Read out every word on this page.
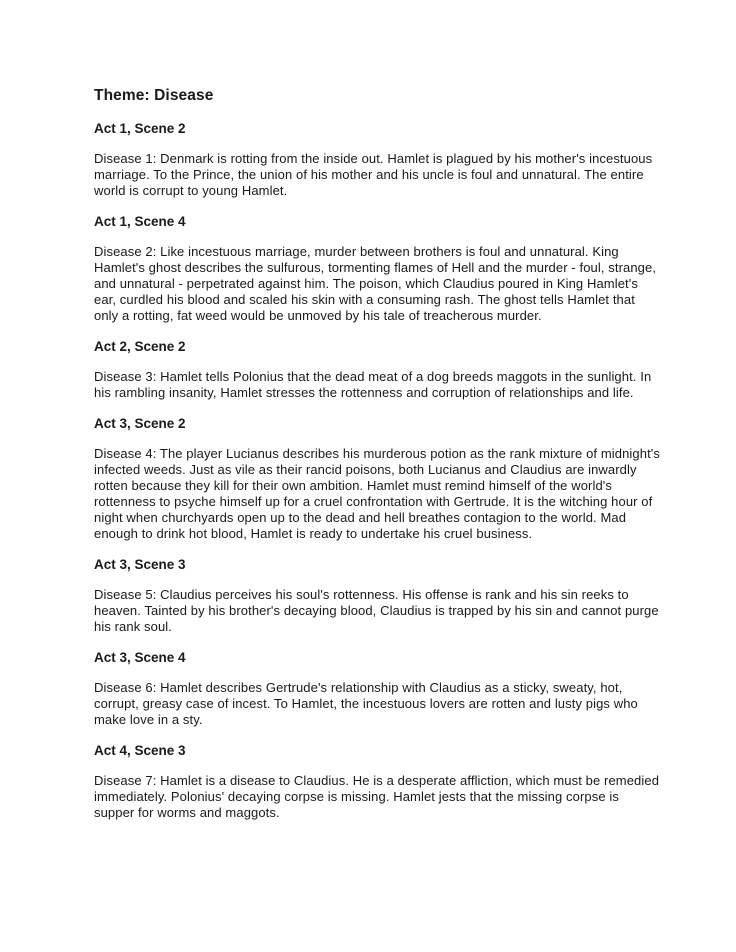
Theme: Disease
Act 1, Scene 2
Disease 1: Denmark is rotting from the inside out. Hamlet is plagued by his mother's incestuous marriage. To the Prince, the union of his mother and his uncle is foul and unnatural. The entire world is corrupt to young Hamlet.
Act 1, Scene 4
Disease 2: Like incestuous marriage, murder between brothers is foul and unnatural. King Hamlet's ghost describes the sulfurous, tormenting flames of Hell and the murder - foul, strange, and unnatural - perpetrated against him. The poison, which Claudius poured in King Hamlet's ear, curdled his blood and scaled his skin with a consuming rash. The ghost tells Hamlet that only a rotting, fat weed would be unmoved by his tale of treacherous murder.
Act 2, Scene 2
Disease 3: Hamlet tells Polonius that the dead meat of a dog breeds maggots in the sunlight. In his rambling insanity, Hamlet stresses the rottenness and corruption of relationships and life.
Act 3, Scene 2
Disease 4: The player Lucianus describes his murderous potion as the rank mixture of midnight's infected weeds. Just as vile as their rancid poisons, both Lucianus and Claudius are inwardly rotten because they kill for their own ambition. Hamlet must remind himself of the world's rottenness to psyche himself up for a cruel confrontation with Gertrude. It is the witching hour of night when churchyards open up to the dead and hell breathes contagion to the world. Mad enough to drink hot blood, Hamlet is ready to undertake his cruel business.
Act 3, Scene 3
Disease 5: Claudius perceives his soul's rottenness. His offense is rank and his sin reeks to heaven. Tainted by his brother's decaying blood, Claudius is trapped by his sin and cannot purge his rank soul.
Act 3, Scene 4
Disease 6: Hamlet describes Gertrude's relationship with Claudius as a sticky, sweaty, hot, corrupt, greasy case of incest. To Hamlet, the incestuous lovers are rotten and lusty pigs who make love in a sty.
Act 4, Scene 3
Disease 7: Hamlet is a disease to Claudius. He is a desperate affliction, which must be remedied immediately. Polonius' decaying corpse is missing. Hamlet jests that the missing corpse is supper for worms and maggots.
